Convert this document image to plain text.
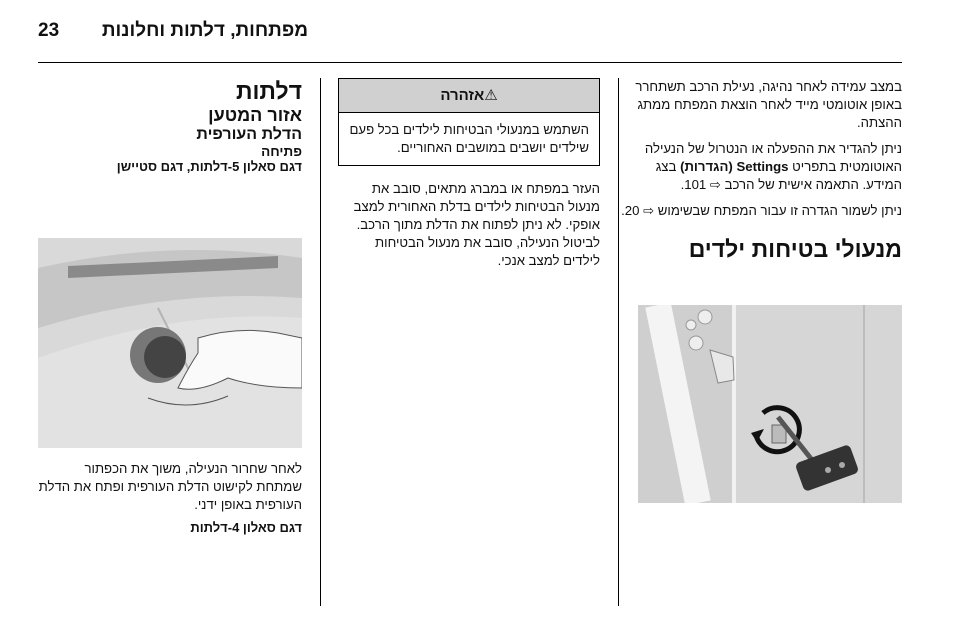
מפתחות, דלתות וחלונות
23

במצב עמידה לאחר נהיגה, נעילת הרכב תשתחרר באופן אוטומטי מייד לאחר הוצאת המפתח ממתג ההצתה.

ניתן להגדיר את ההפעלה או הנטרול של הנעילה האוטומטית בתפריט Settings (הגדרות) בצג המידע. התאמה אישית של הרכב ⇨ 101.

ניתן לשמור הגדרה זו עבור המפתח שבשימוש ⇨ 20.

מנעולי בטיחות ילדים

⚠אזהרה
השתמש במנעולי הבטיחות לילדים בכל פעם שילדים יושבים במושבים האחוריים.

העזר במפתח או במברג מתאים, סובב את מנעול הבטיחות לילדים בדלת האחורית למצב אופקי. לא ניתן לפתוח את הדלת מתוך הרכב. לביטול הנעילה, סובב את מנעול הבטיחות לילדים למצב אנכי.

דלתות

אזור המטען

הדלת העורפית

פתיחה

דגם סאלון 5-דלתות, דגם סטיישן

לאחר שחרור הנעילה, משוך את הכפתור שמתחת לקישוט הדלת העורפית ופתח את הדלת העורפית באופן ידני.

דגם סאלון 4-דלתות
